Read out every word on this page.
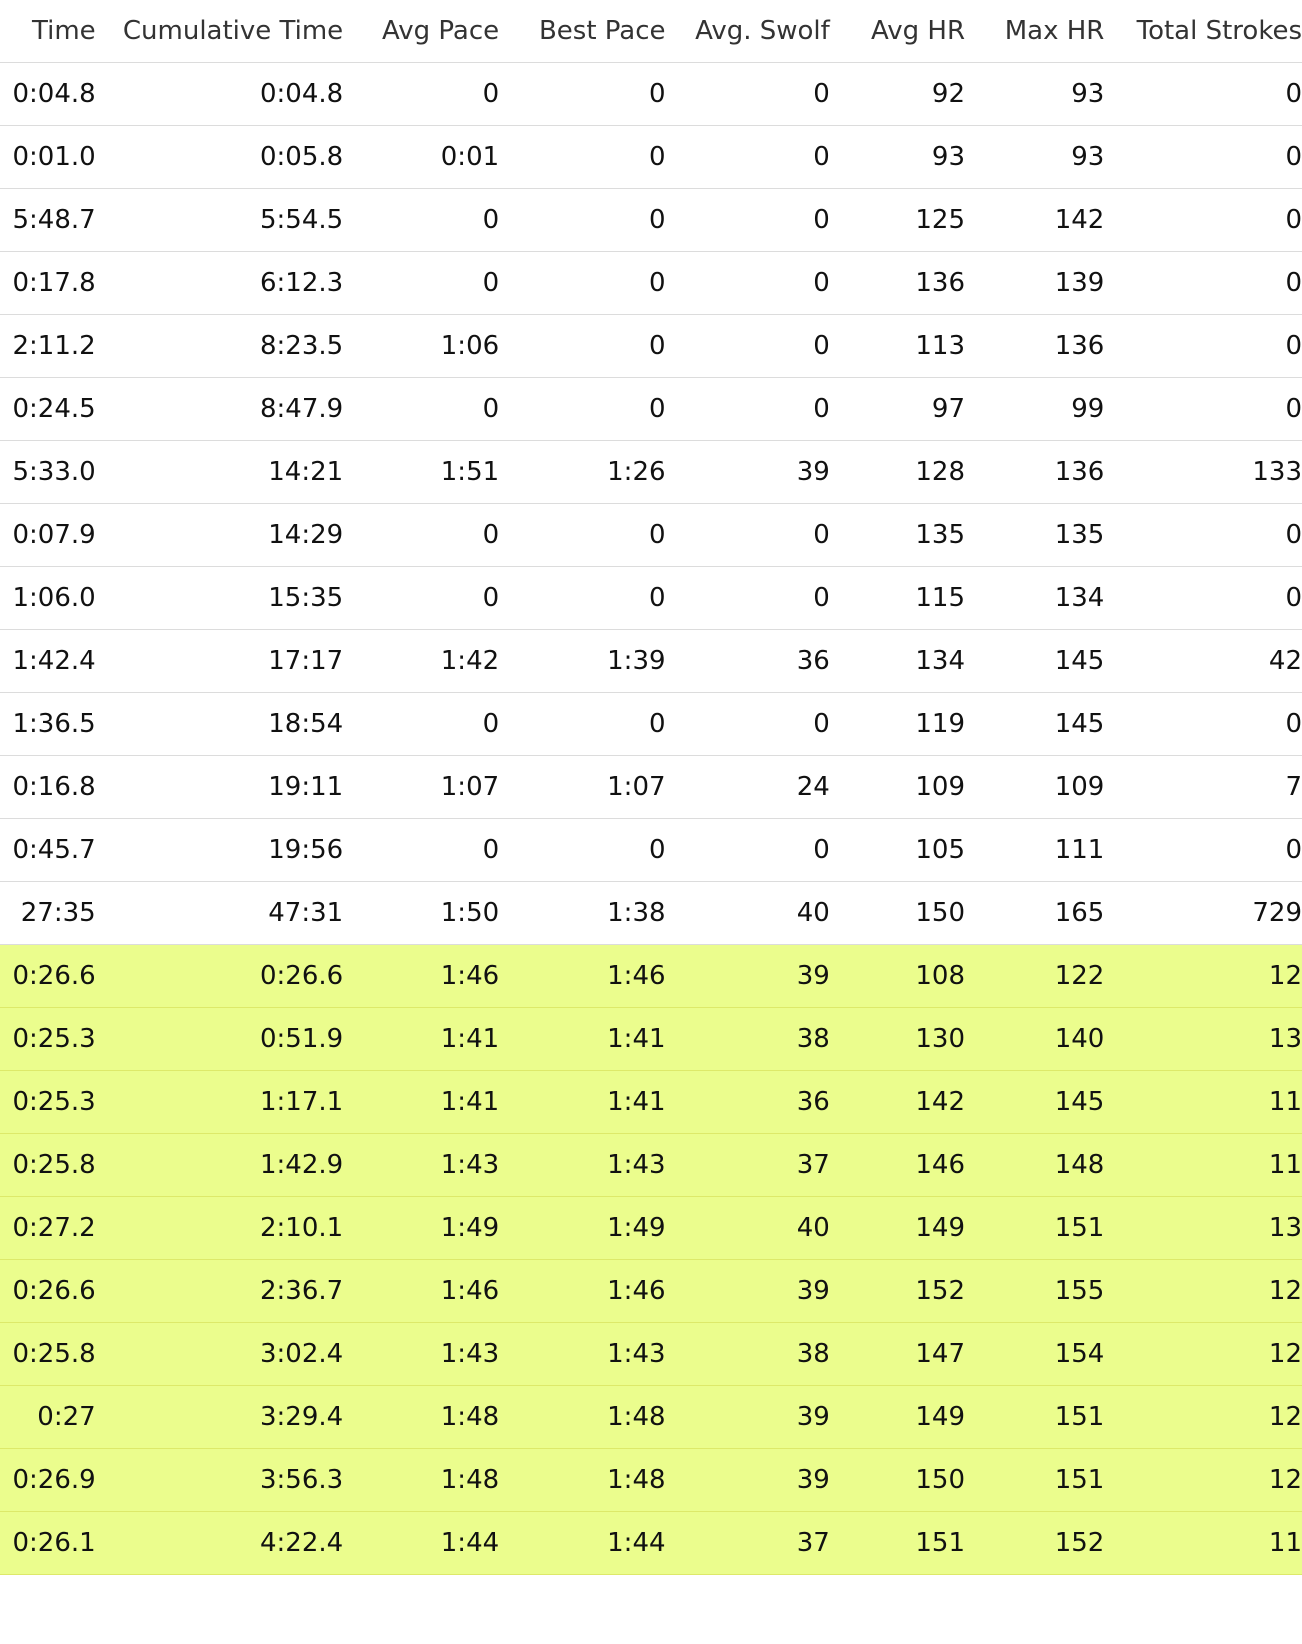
Time	Cumulative Time	Avg Pace	Best Pace	Avg. Swolf	Avg HR	Max HR	Total Strokes
0:04.8	0:04.8	0	0	0	92	93	0
0:01.0	0:05.8	0:01	0	0	93	93	0
5:48.7	5:54.5	0	0	0	125	142	0
0:17.8	6:12.3	0	0	0	136	139	0
2:11.2	8:23.5	1:06	0	0	113	136	0
0:24.5	8:47.9	0	0	0	97	99	0
5:33.0	14:21	1:51	1:26	39	128	136	133
0:07.9	14:29	0	0	0	135	135	0
1:06.0	15:35	0	0	0	115	134	0
1:42.4	17:17	1:42	1:39	36	134	145	42
1:36.5	18:54	0	0	0	119	145	0
0:16.8	19:11	1:07	1:07	24	109	109	7
0:45.7	19:56	0	0	0	105	111	0
27:35	47:31	1:50	1:38	40	150	165	729
0:26.6	0:26.6	1:46	1:46	39	108	122	12
0:25.3	0:51.9	1:41	1:41	38	130	140	13
0:25.3	1:17.1	1:41	1:41	36	142	145	11
0:25.8	1:42.9	1:43	1:43	37	146	148	11
0:27.2	2:10.1	1:49	1:49	40	149	151	13
0:26.6	2:36.7	1:46	1:46	39	152	155	12
0:25.8	3:02.4	1:43	1:43	38	147	154	12
0:27	3:29.4	1:48	1:48	39	149	151	12
0:26.9	3:56.3	1:48	1:48	39	150	151	12
0:26.1	4:22.4	1:44	1:44	37	151	152	11
